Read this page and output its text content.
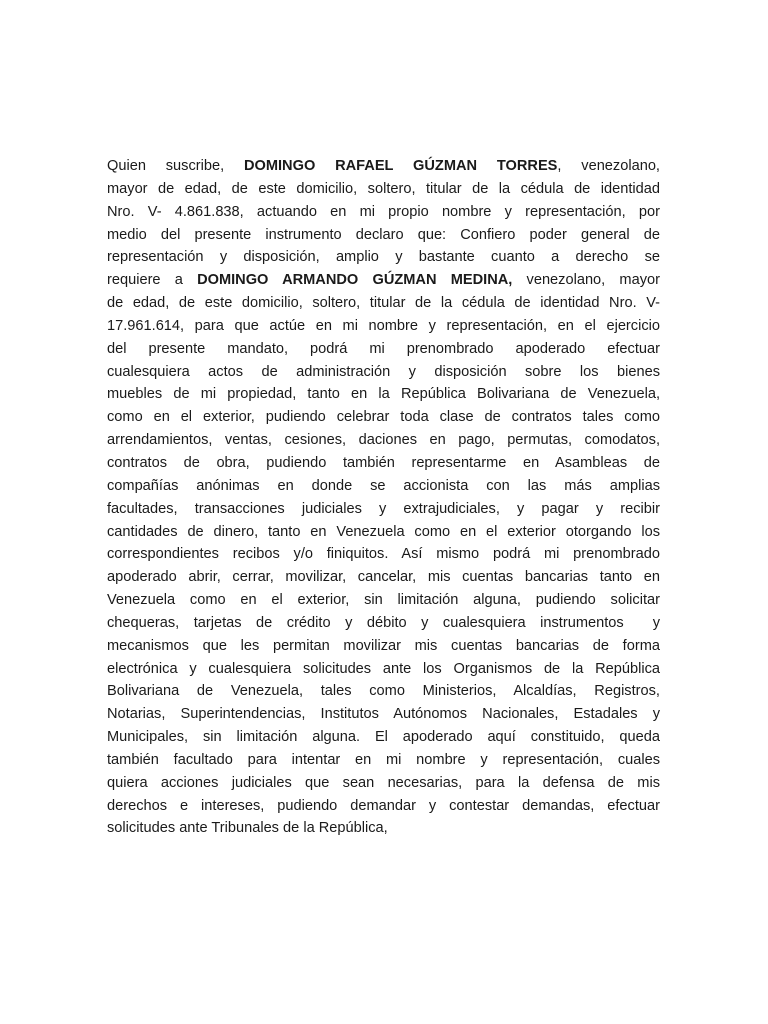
Quien suscribe, DOMINGO RAFAEL GÚZMAN TORRES, venezolano,
mayor de edad, de este domicilio, soltero, titular de la cédula de identidad
Nro. V- 4.861.838, actuando en mi propio nombre y representación, por
medio del presente instrumento declaro que: Confiero poder general de
representación y disposición, amplio y bastante cuanto a derecho se
requiere a DOMINGO ARMANDO GÚZMAN MEDINA, venezolano, mayor
de edad, de este domicilio, soltero, titular de la cédula de identidad Nro. V-
17.961.614, para que actúe en mi nombre y representación, en el ejercicio
del presente mandato, podrá mi prenombrado apoderado efectuar
cualesquiera actos de administración y disposición sobre los bienes
muebles de mi propiedad, tanto en la República Bolivariana de Venezuela,
como en el exterior, pudiendo celebrar toda clase de contratos tales como
arrendamientos, ventas, cesiones, daciones en pago, permutas, comodatos,
contratos de obra, pudiendo también representarme en Asambleas de
compañías anónimas en donde se accionista con las más amplias
facultades, transacciones judiciales y extrajudiciales, y pagar y recibir
cantidades de dinero, tanto en Venezuela como en el exterior otorgando los
correspondientes recibos y/o finiquitos. Así mismo podrá mi prenombrado
apoderado abrir, cerrar, movilizar, cancelar, mis cuentas bancarias tanto en
Venezuela como en el exterior, sin limitación alguna, pudiendo solicitar
chequeras, tarjetas de crédito y débito y cualesquiera instrumentos  y
mecanismos que les permitan movilizar mis cuentas bancarias de forma
electrónica y cualesquiera solicitudes ante los Organismos de la República
Bolivariana de Venezuela, tales como Ministerios, Alcaldías, Registros,
Notarias, Superintendencias, Institutos Autónomos Nacionales, Estadales y
Municipales, sin limitación alguna. El apoderado aquí constituido, queda
también facultado para intentar en mi nombre y representación, cuales
quiera acciones judiciales que sean necesarias, para la defensa de mis
derechos e intereses, pudiendo demandar y contestar demandas, efectuar
solicitudes ante Tribunales de la República,
